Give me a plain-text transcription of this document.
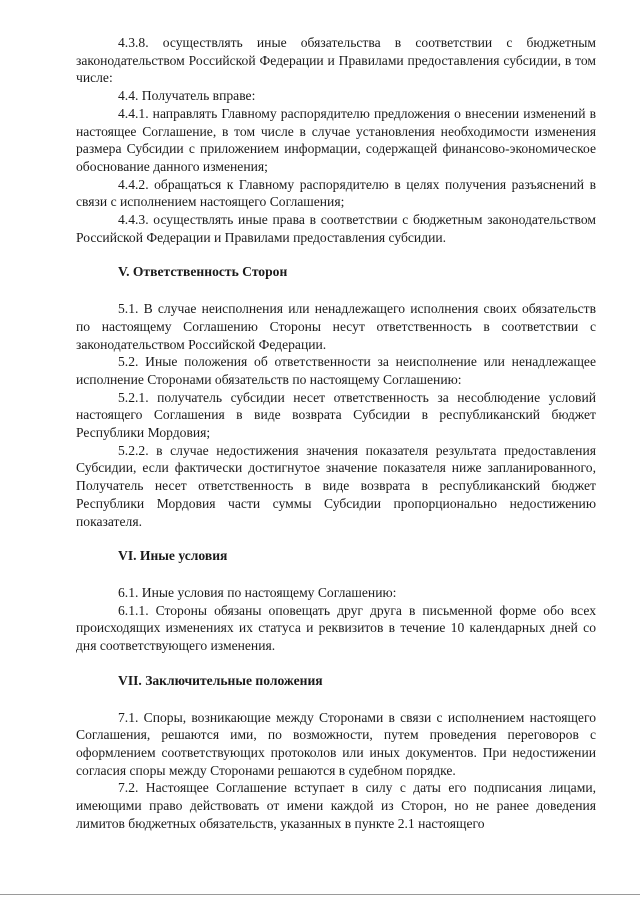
4.3.8. осуществлять иные обязательства в соответствии с бюджетным законодательством Российской Федерации и Правилами предоставления субсидии, в том числе:

4.4. Получатель вправе:

4.4.1. направлять Главному распорядителю предложения о внесении изменений в настоящее Соглашение, в том числе в случае установления необходимости изменения размера Субсидии с приложением информации, содержащей финансово-экономическое обоснование данного изменения;

4.4.2. обращаться к Главному распорядителю в целях получения разъяснений в связи с исполнением настоящего Соглашения;

4.4.3. осуществлять иные права в соответствии с бюджетным законодательством Российской Федерации и Правилами предоставления субсидии.

V. Ответственность Сторон

5.1. В случае неисполнения или ненадлежащего исполнения своих обязательств по настоящему Соглашению Стороны несут ответственность в соответствии с законодательством Российской Федерации.

5.2. Иные положения об ответственности за неисполнение или ненадлежащее исполнение Сторонами обязательств по настоящему Соглашению:

5.2.1. получатель субсидии несет ответственность за несоблюдение условий настоящего Соглашения в виде возврата Субсидии в республиканский бюджет Республики Мордовия;

5.2.2. в случае недостижения значения показателя результата предоставления Субсидии, если фактически достигнутое значение показателя ниже запланированного, Получатель несет ответственность в виде возврата в республиканский бюджет Республики Мордовия части суммы Субсидии пропорционально недостижению показателя.

VI. Иные условия

6.1. Иные условия по настоящему Соглашению:

6.1.1. Стороны обязаны оповещать друг друга в письменной форме обо всех происходящих изменениях их статуса и реквизитов в течение 10 календарных дней со дня соответствующего изменения.

VII. Заключительные положения

7.1. Споры, возникающие между Сторонами в связи с исполнением настоящего Соглашения, решаются ими, по возможности, путем проведения переговоров с оформлением соответствующих протоколов или иных документов. При недостижении согласия споры между Сторонами решаются в судебном порядке.

7.2. Настоящее Соглашение вступает в силу с даты его подписания лицами, имеющими право действовать от имени каждой из Сторон, но не ранее доведения лимитов бюджетных обязательств, указанных в пункте 2.1 настоящего
